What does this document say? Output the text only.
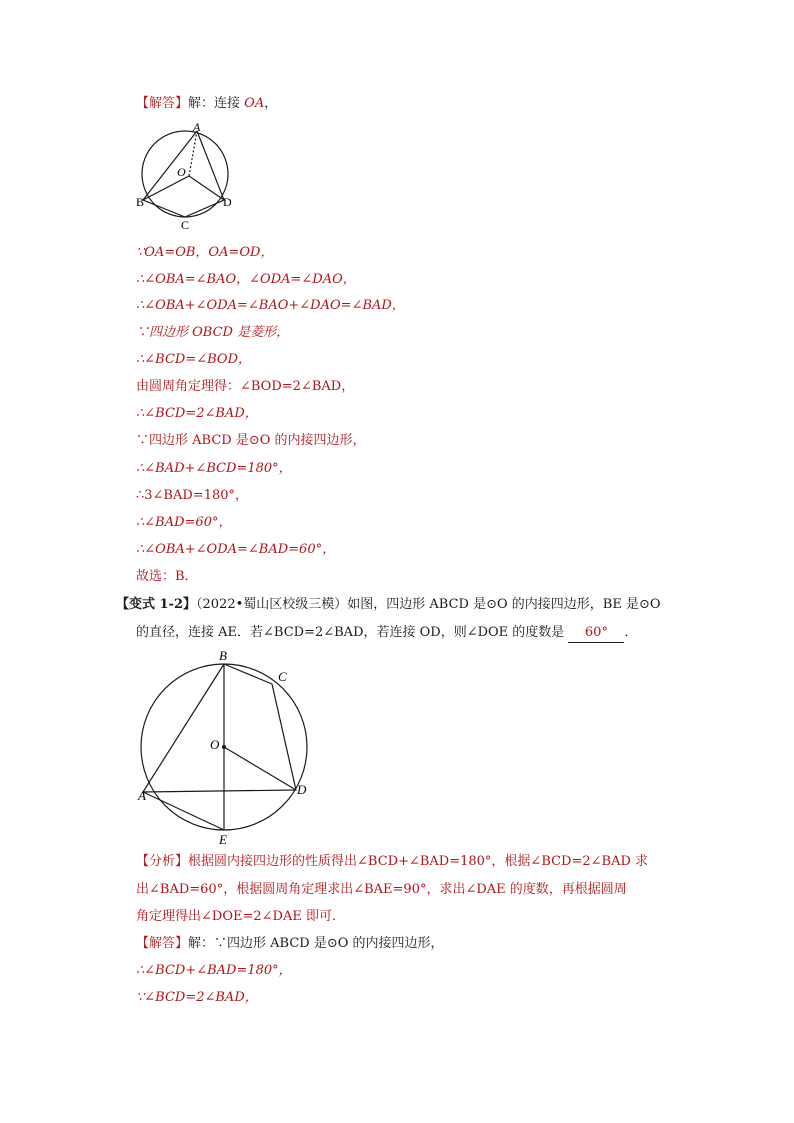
【解答】解：连接 OA，
A
O
B
C
D
∵OA=OB，OA=OD，
∴∠OBA=∠BAO，∠ODA=∠DAO，
∴∠OBA+∠ODA=∠BAO+∠DAO=∠BAD，
∵四边形 OBCD 是菱形，
∴∠BCD=∠BOD，
由圆周角定理得：∠BOD=2∠BAD，
∴∠BCD=2∠BAD，
∵四边形 ABCD 是⊙O 的内接四边形，
∴∠BAD+∠BCD=180°，
∴3∠BAD=180°，
∴∠BAD=60°，
∴∠OBA+∠ODA=∠BAD=60°，
故选：B．
【变式 1-2】（2022•蜀山区校级三模）如图，四边形 ABCD 是⊙O 的内接四边形，BE 是⊙O
的直径，连接 AE．若∠BCD=2∠BAD，若连接 OD，则∠DOE 的度数是 60° ．
B
C
O
A	D
E
【分析】根据圆内接四边形的性质得出∠BCD+∠BAD=180°，根据∠BCD=2∠BAD 求
出∠BAD=60°，根据圆周角定理求出∠BAE=90°，求出∠DAE 的度数，再根据圆周
角定理得出∠DOE=2∠DAE 即可．
【解答】解：∵四边形 ABCD 是⊙O 的内接四边形，
∴∠BCD+∠BAD=180°，
∵∠BCD=2∠BAD，
